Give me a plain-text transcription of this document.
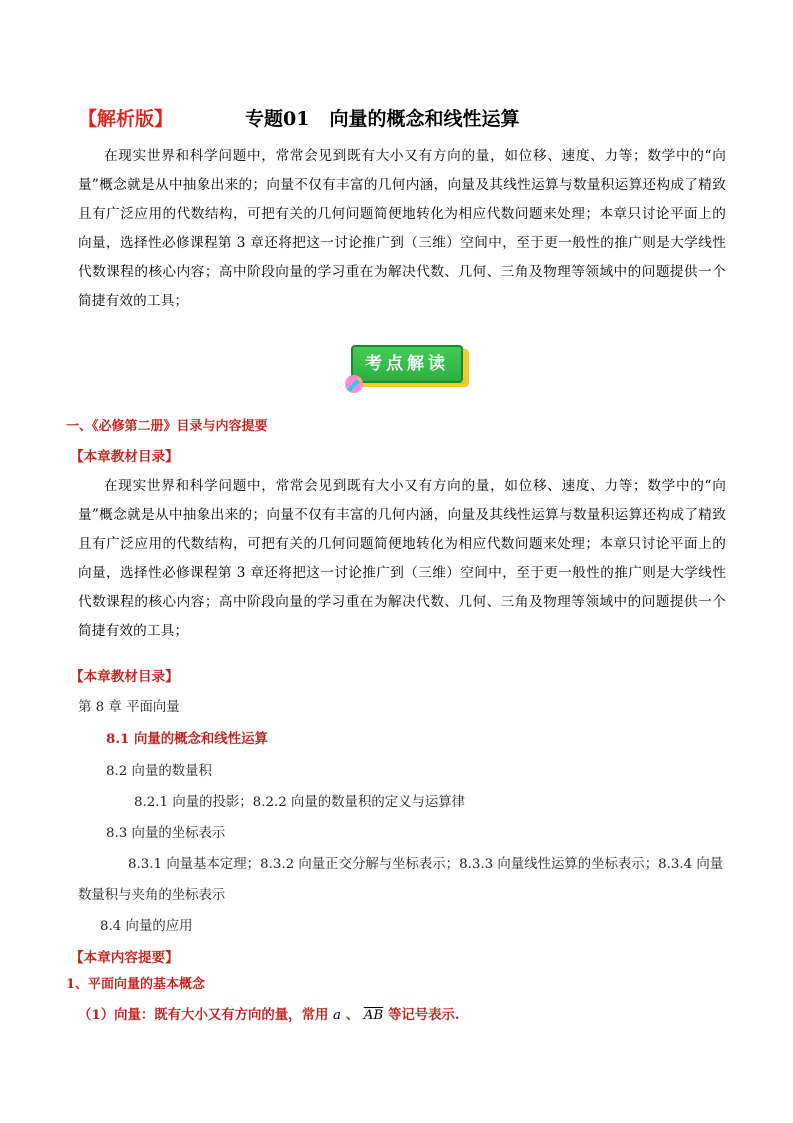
【解析版】	专题01 向量的概念和线性运算
在现实世界和科学问题中，常常会见到既有大小又有方向的量，如位移、速度、力等；数学中的“向量”概念就是从中抽象出来的；向量不仅有丰富的几何内涵，向量及其线性运算与数量积运算还构成了精致且有广泛应用的代数结构，可把有关的几何问题简便地转化为相应代数问题来处理；本章只讨论平面上的向量，选择性必修课程第 3 章还将把这一讨论推广到（三维）空间中，至于更一般性的推广则是大学线性代数课程的核心内容；高中阶段向量的学习重在为解决代数、几何、三角及物理等领域中的问题提供一个简捷有效的工具；
考点解读
一、《必修第二册》目录与内容提要
【本章教材目录】
在现实世界和科学问题中，常常会见到既有大小又有方向的量，如位移、速度、力等；数学中的“向量”概念就是从中抽象出来的；向量不仅有丰富的几何内涵，向量及其线性运算与数量积运算还构成了精致且有广泛应用的代数结构，可把有关的几何问题简便地转化为相应代数问题来处理；本章只讨论平面上的向量，选择性必修课程第 3 章还将把这一讨论推广到（三维）空间中，至于更一般性的推广则是大学线性代数课程的核心内容；高中阶段向量的学习重在为解决代数、几何、三角及物理等领域中的问题提供一个简捷有效的工具；
【本章教材目录】
第 8 章 平面向量
8.1 向量的概念和线性运算
8.2 向量的数量积
8.2.1 向量的投影；8.2.2 向量的数量积的定义与运算律
8.3 向量的坐标表示
8.3.1 向量基本定理；8.3.2 向量正交分解与坐标表示；8.3.3 向量线性运算的坐标表示；8.3.4 向量
数量积与夹角的坐标表示
8.4 向量的应用
【本章内容提要】
1、平面向量的基本概念
（1）向量：既有大小又有方向的量，常用 a 、 $\overline{AB}$ 等记号表示.
